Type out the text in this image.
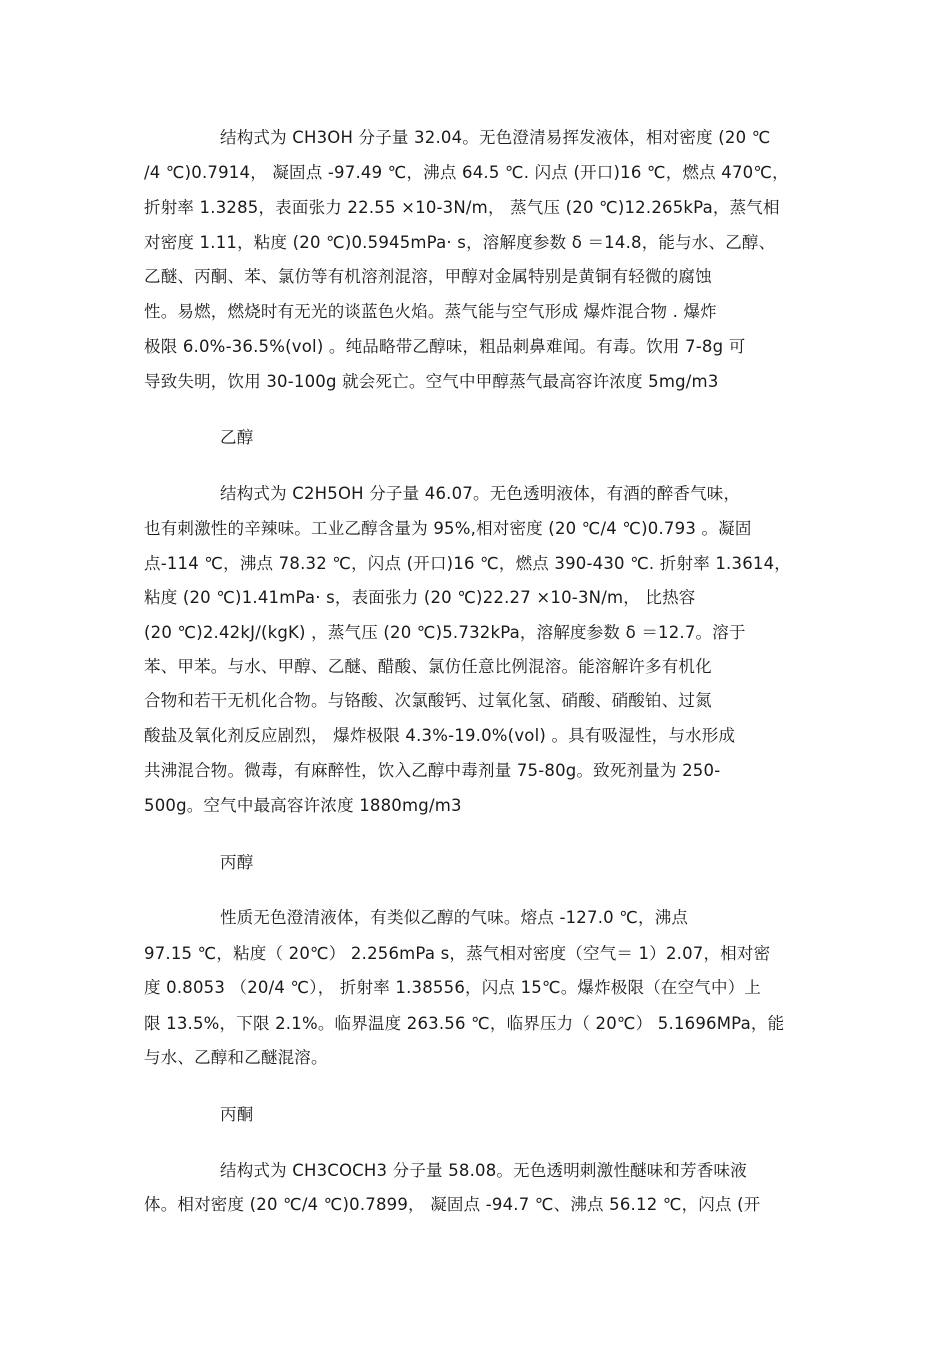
结构式为 CH3OH 分子量 32.04。无色澄清易挥发液体，相对密度 (20 ℃
/4 ℃)0.7914， 凝固点 -97.49 ℃，沸点 64.5 ℃. 闪点 (开口)16 ℃，燃点 470℃，
折射率 1.3285，表面张力 22.55 ×10-3N/m， 蒸气压 (20 ℃)12.265kPa，蒸气相
对密度 1.11，粘度 (20 ℃)0.5945mPa· s，溶解度参数 δ ＝14.8，能与水、乙醇、
乙醚、丙酮、苯、氯仿等有机溶剂混溶，甲醇对金属特别是黄铜有轻微的腐蚀
性。易燃，燃烧时有无光的谈蓝色火焰。蒸气能与空气形成 爆炸混合物 . 爆炸
极限 6.0%-36.5%(vol) 。纯品略带乙醇味，粗品刺鼻难闻。有毒。饮用 7-8g 可
导致失明，饮用 30-100g 就会死亡。空气中甲醇蒸气最高容许浓度 5mg/m3
乙醇
结构式为 C2H5OH 分子量 46.07。无色透明液体，有酒的醉香气味，
也有刺激性的辛辣味。工业乙醇含量为 95%,相对密度 (20 ℃/4 ℃)0.793 。凝固
点-114 ℃，沸点 78.32 ℃，闪点 (开口)16 ℃，燃点 390-430 ℃. 折射率 1.3614，
粘度 (20 ℃)1.41mPa· s，表面张力 (20 ℃)22.27 ×10-3N/m， 比热容
(20 ℃)2.42kJ/(kgK) ，蒸气压 (20 ℃)5.732kPa，溶解度参数 δ ＝12.7。溶于
苯、甲苯。与水、甲醇、乙醚、醋酸、氯仿任意比例混溶。能溶解许多有机化
合物和若干无机化合物。与铬酸、次氯酸钙、过氧化氢、硝酸、硝酸铂、过氮
酸盐及氧化剂反应剧烈， 爆炸极限 4.3%-19.0%(vol) 。具有吸湿性，与水形成
共沸混合物。微毒，有麻醉性，饮入乙醇中毒剂量 75-80g。致死剂量为 250-
500g。空气中最高容许浓度 1880mg/m3
丙醇
性质无色澄清液体，有类似乙醇的气味。熔点 -127.0 ℃，沸点
97.15 ℃，粘度（ 20℃） 2.256mPa s，蒸气相对密度（空气＝ 1）2.07，相对密
度 0.8053 （20/4 ℃）， 折射率 1.38556，闪点 15℃。爆炸极限（在空气中）上
限 13.5%，下限 2.1%。临界温度 263.56 ℃，临界压力（ 20℃） 5.1696MPa，能
与水、乙醇和乙醚混溶。
丙酮
结构式为 CH3COCH3 分子量 58.08。无色透明刺激性醚味和芳香味液
体。相对密度 (20 ℃/4 ℃)0.7899， 凝固点 -94.7 ℃、沸点 56.12 ℃，闪点 (开
